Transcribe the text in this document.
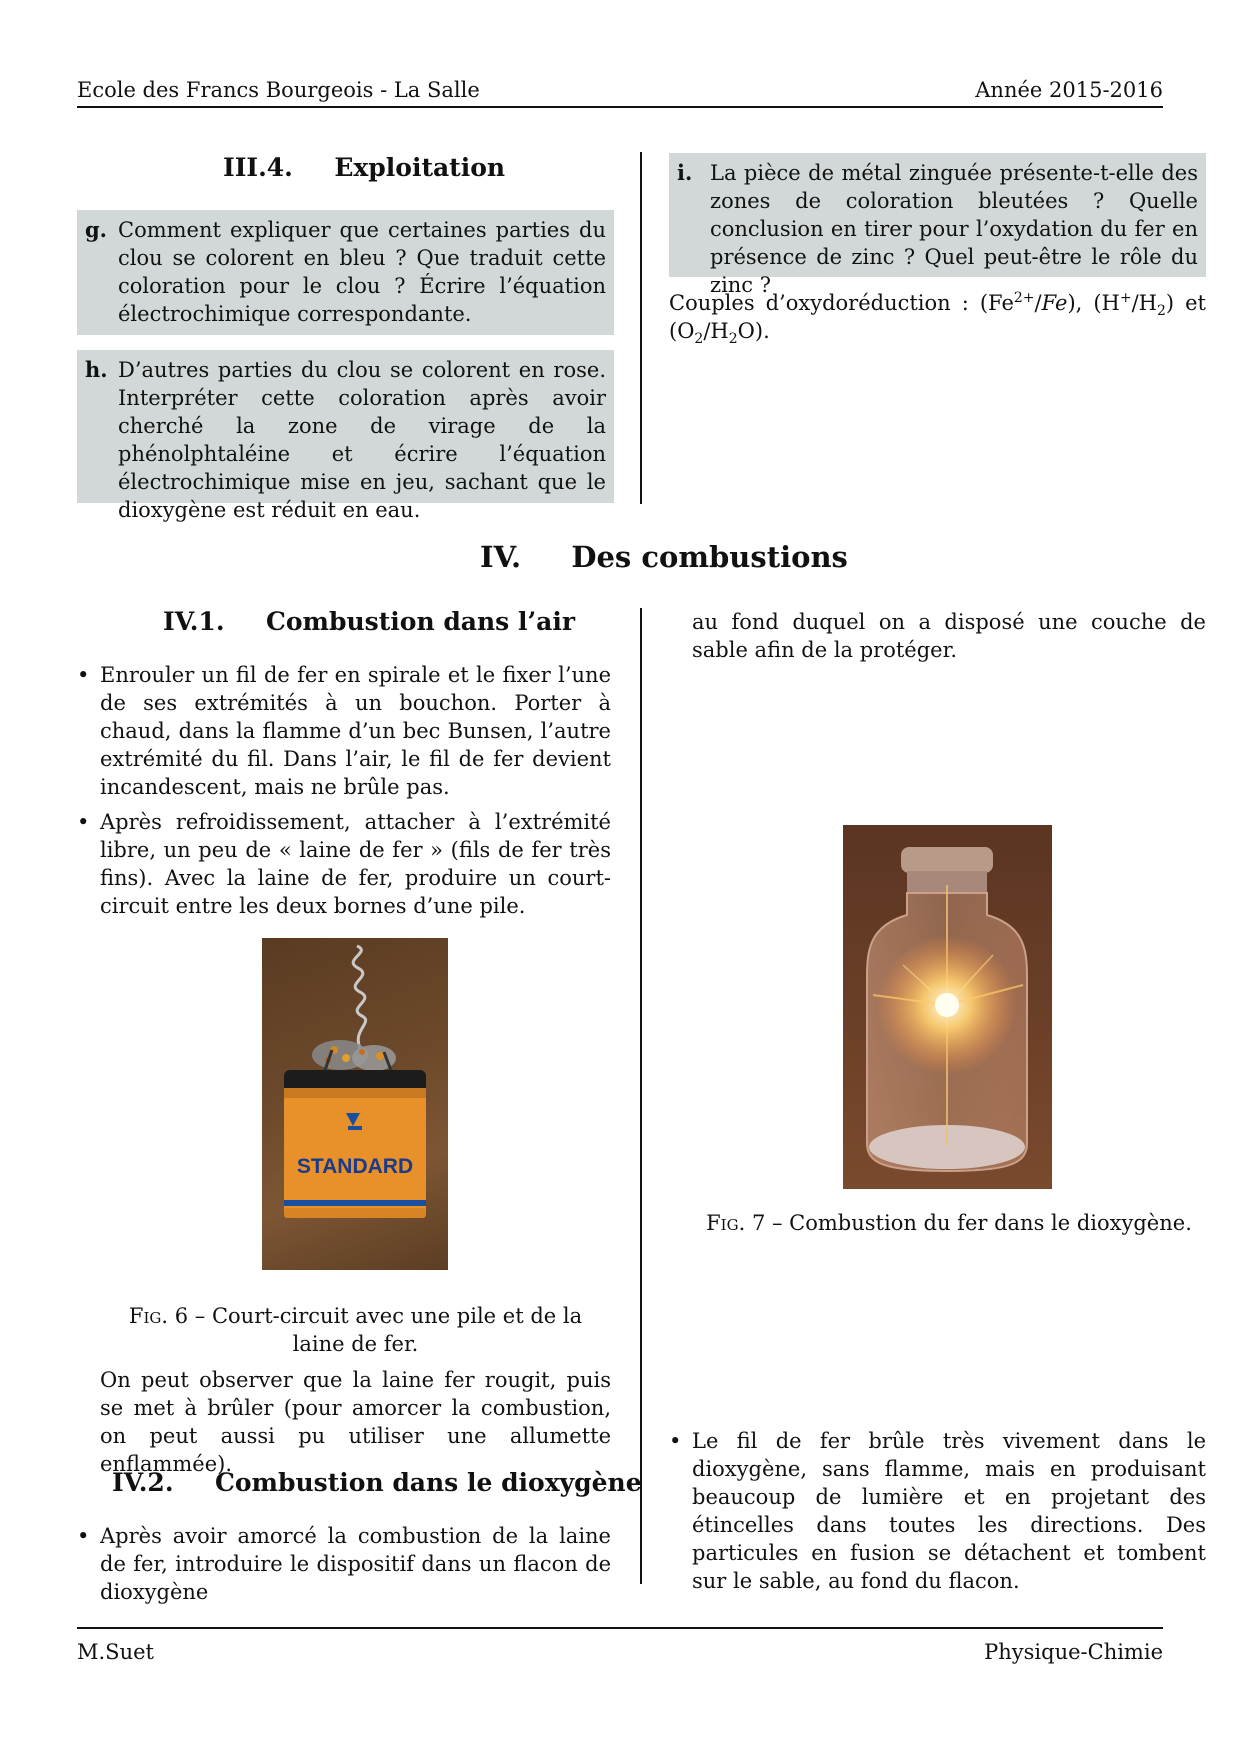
Ecole des Francs Bourgeois - La Salle	Année 2015-2016
III.4. Exploitation
g. Comment expliquer que certaines parties du clou se colorent en bleu ? Que traduit cette coloration pour le clou ? Écrire l’équation électrochimique correspondante.
h. D’autres parties du clou se colorent en rose. Interpréter cette coloration après avoir cherché la zone de virage de la phénolphtaléine et écrire l’équation électrochimique mise en jeu, sachant que le dioxygène est réduit en eau.
i. La pièce de métal zinguée présente-t-elle des zones de coloration bleutées ? Quelle conclusion en tirer pour l’oxydation du fer en présence de zinc ? Quel peut-être le rôle du zinc ?
Couples d’oxydoréduction : $(Fe^{2+}/Fe)$, $(H^+/H_2)$ et $(O_2/H_2O)$.
IV. Des combustions
IV.1. Combustion dans l’air
• Enrouler un fil de fer en spirale et le fixer l’une de ses extrémités à un bouchon. Porter à chaud, dans la flamme d’un bec Bunsen, l’autre extrémité du fil. Dans l’air, le fil de fer devient incandescent, mais ne brûle pas.
• Après refroidissement, attacher à l’extrémité libre, un peu de « laine de fer » (fils de fer très fins). Avec la laine de fer, produire un court-circuit entre les deux bornes d’une pile.
STANDARD
Fig. 6 – Court-circuit avec une pile et de la laine de fer.
On peut observer que la laine fer rougit, puis se met à brûler (pour amorcer la combustion, on peut aussi pu utiliser une allumette enflammée).
IV.2. Combustion dans le dioxygène
• Après avoir amorcé la combustion de la laine de fer, introduire le dispositif dans un flacon de dioxygène
au fond duquel on a disposé une couche de sable afin de la protéger.
Fig. 7 – Combustion du fer dans le dioxygène.
• Le fil de fer brûle très vivement dans le dioxygène, sans flamme, mais en produisant beaucoup de lumière et en projetant des étincelles dans toutes les directions. Des particules en fusion se détachent et tombent sur le sable, au fond du flacon.
M.Suet	Physique-Chimie
